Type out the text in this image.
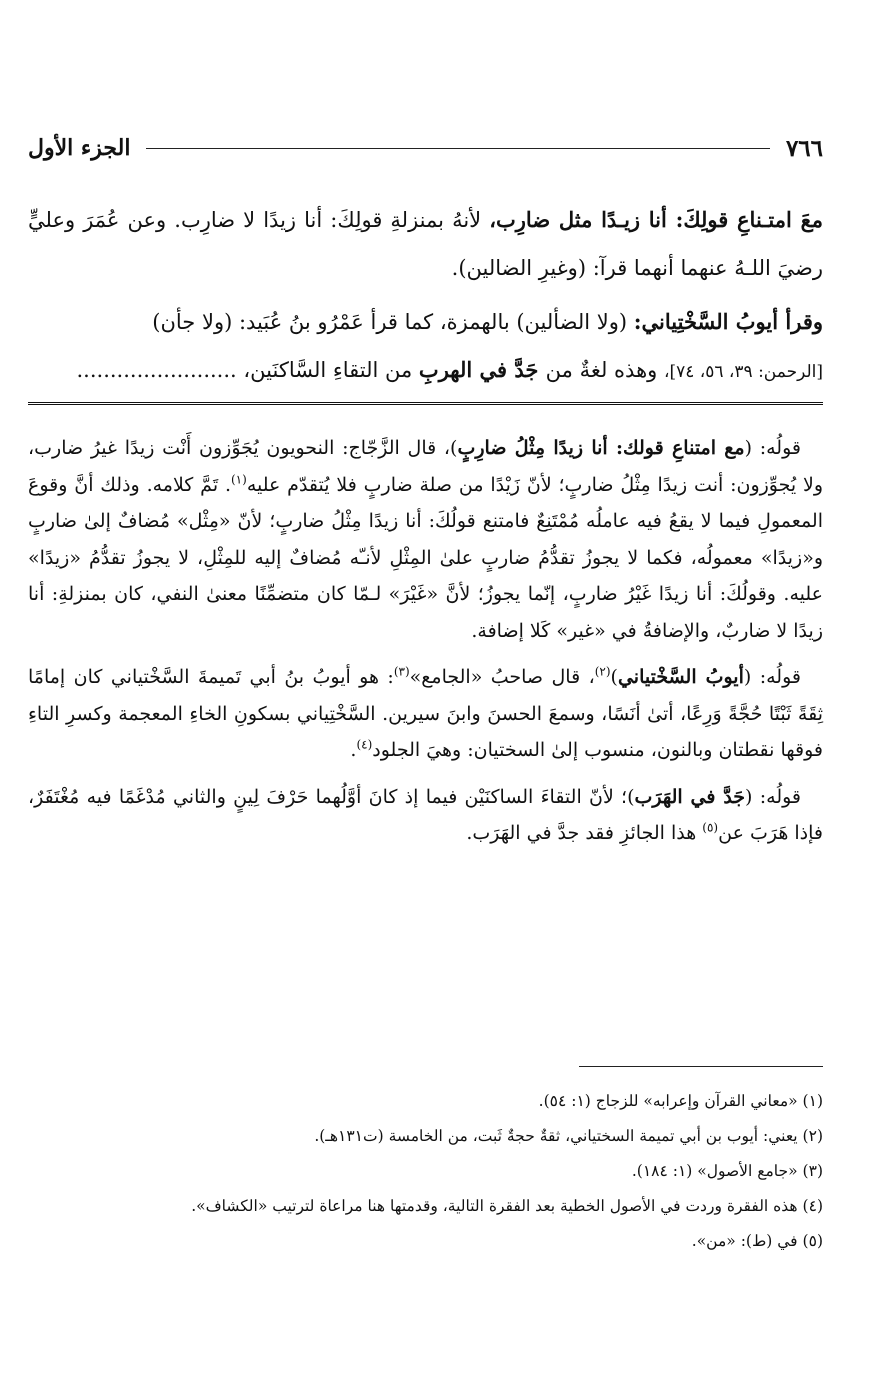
٧٦٦
الجزء الأول

معَ امتـناعِ قولِكَ: أنا زيـدًا مثل ضارِب، لأنهُ بمنزلةِ قولِكَ: أنا زيدًا لا ضارِب. وعن عُمَرَ وعليٍّ رضيَ اللـهُ عنهما أنهما قرآ: (وغيرِ الضالين).

وقرأ أيوبُ السَّخْتِياني: (ولا الضألين) بالهمزة، كما قرأ عَمْرُو بنُ عُبَيد: (ولا جأن)
[الرحمن: ٣٩، ٥٦، ٧٤]، وهذه لغةٌ من جَدَّ في الهربِ من التقاءِ السَّاكنَين، ........................

قولُه: (مع امتناعِ قولك: أنا زيدًا مِثْلُ ضارِبٍ)، قال الزَّجّاج: النحويون يُجَوِّزون أَنْت زيدًا غيرُ ضارب، ولا يُجوِّزون: أنت زيدًا مِثْلُ ضاربٍ؛ لأنّ زَيْدًا من صلة ضاربٍ فلا يُتقدّم عليه$^{(١)}$. تَمَّ كلامه. وذلك أنَّ وقوعَ المعمولِ فيما لا يقعُ فيه عاملُه مُمْتَنِعٌ فامتنع قولُكَ: أنا زيدًا مِثْلُ ضاربٍ؛ لأنّ «مِثْل» مُضافٌ إلىٰ ضاربٍ و«زيدًا» معمولُه، فكما لا يجوزُ تقدُّمُ ضاربٍ علىٰ المِثْلِ لأنـّه مُضافٌ إليه للمِثْلِ، لا يجوزُ تقدُّمُ «زيدًا» عليه. وقولُكَ: أنا زيدًا غَيْرُ ضاربٍ، إنّما يجوزُ؛ لأنَّ «غَيْرَ» لـمّا كان متضمِّنًا معنىٰ النفي، كان بمنزلةِ: أنا زيدًا لا ضاربٌ، والإضافةُ في «غير» كَلا إضافة.

قولُه: (أيوبُ السَّخْتياني)$^{(٢)}$، قال صاحبُ «الجامع»$^{(٣)}$: هو أيوبُ بنُ أبي تَميمةَ السَّخْتياني كان إمامًا ثِقَةً ثَبْتًا حُجَّةً وَرِعًا، أتىٰ أنَسًا، وسمعَ الحسنَ وابنَ سيرين. السَّخْتِياني بسكونِ الخاءِ المعجمة وكسرِ التاءِ فوقها نقطتان وبالنون، منسوب إلىٰ السختيان: وهيَ الجلود$^{(٤)}$.

قولُه: (جَدَّ في الهَرَب)؛ لأنّ التقاءَ الساكنَيْن فيما إذ كانَ أوَّلُهما حَرْفَ لِينٍ والثاني مُدْغَمًا فيه مُغْتَفَرٌ، فإذا هَرَبَ عن$^{(٥)}$ هذا الجائزِ فقد جدَّ في الهَرَب.

(١) «معاني القرآن وإعرابه» للزجاج (١: ٥٤).

(٢) يعني: أيوب بن أبي تميمة السختياني، ثقةٌ حجةٌ ثَبت، من الخامسة (ت١٣١هـ).

(٣) «جامع الأصول» (١: ١٨٤).

(٤) هذه الفقرة وردت في الأصول الخطية بعد الفقرة التالية، وقدمتها هنا مراعاة لترتيب «الكشاف».

(٥) في (ط): «من».
